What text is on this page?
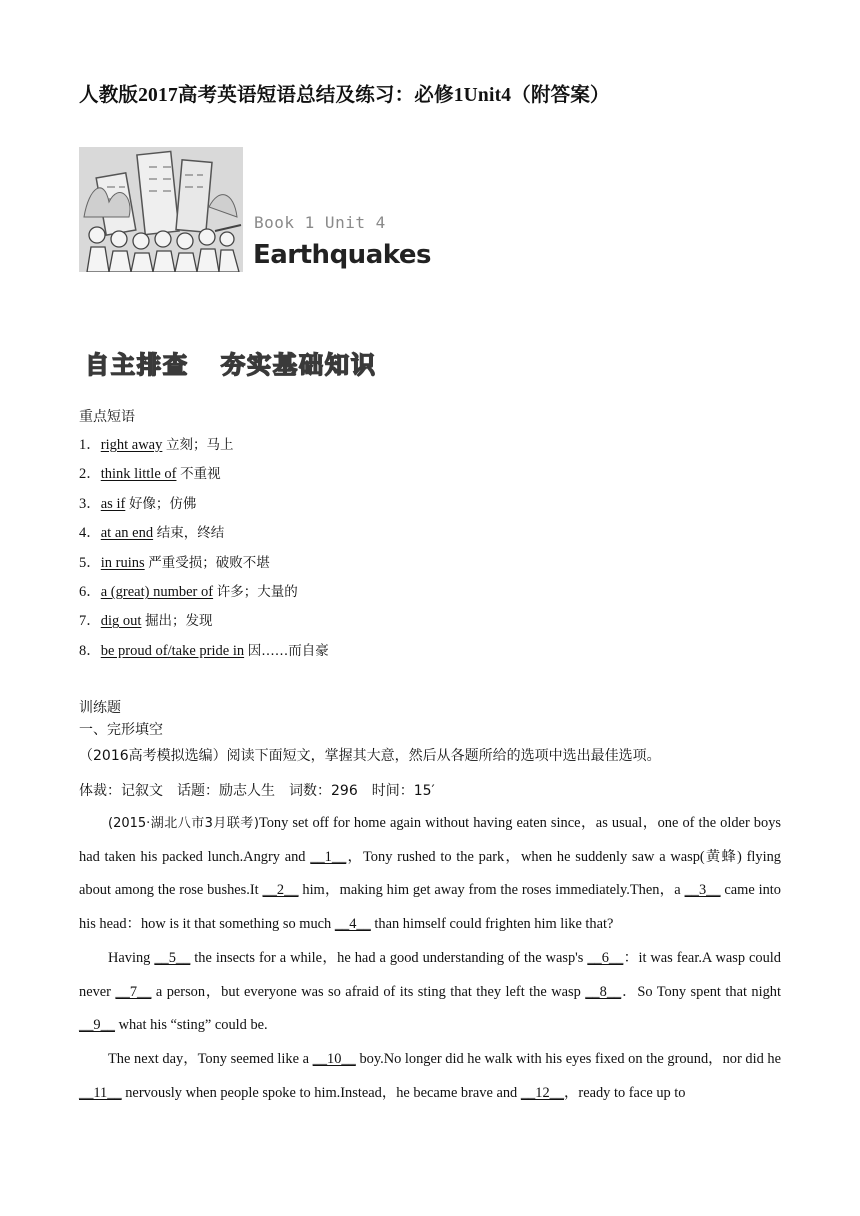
人教版2017高考英语短语总结及练习：必修1Unit4（附答案）
Book 1 Unit 4
Earthquakes
自主排查 夯实基础知识
重点短语
1．right away 立刻；马上
2．think little of 不重视
3．as if 好像；仿佛
4．at an end 结束，终结
5．in ruins 严重受损；破败不堪
6．a (great) number of 许多；大量的
7．dig out 掘出；发现
8．be proud of/take pride in 因……而自豪
训练题
一、完形填空
（2016高考模拟选编）阅读下面短文，掌握其大意，然后从各题所给的选项中选出最佳选项。
体裁：记叙文　话题：励志人生　词数：296　时间：15′
(2015·湖北八市3月联考)Tony set off for home again without having eaten since，as usual，one of the older boys had taken his packed lunch.Angry and __1__，Tony rushed to the park，when he suddenly saw a wasp(黄蜂) flying about among the rose bushes.It __2__ him，making him get away from the roses immediately.Then，a __3__ came into his head：how is it that something so much __4__ than himself could frighten him like that?
Having __5__ the insects for a while，he had a good understanding of the wasp's __6__：it was fear.A wasp could never __7__ a person，but everyone was so afraid of its sting that they left the wasp __8__．So Tony spent that night __9__ what his “sting” could be.
The next day，Tony seemed like a __10__ boy.No longer did he walk with his eyes fixed on the ground，nor did he __11__ nervously when people spoke to him.Instead，he became brave and __12__，ready to face up to
